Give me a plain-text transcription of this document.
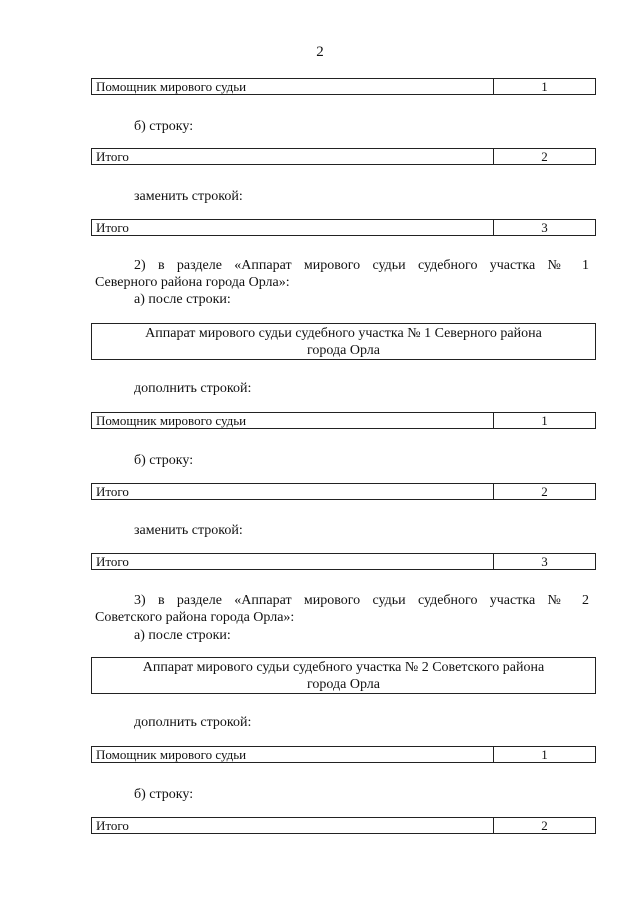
2
Помощник мирового судьи	1
б) строку:
Итого	2
заменить строкой:
Итого	3
2) в разделе «Аппарат мирового судьи судебного участка № 1
Северного района города Орла»:
а) после строки:
Аппарат мирового судьи судебного участка № 1 Северного района
города Орла
дополнить строкой:
Помощник мирового судьи	1
б) строку:
Итого	2
заменить строкой:
Итого	3
3) в разделе «Аппарат мирового судьи судебного участка № 2
Советского района города Орла»:
а) после строки:
Аппарат мирового судьи судебного участка № 2 Советского района
города Орла
дополнить строкой:
Помощник мирового судьи	1
б) строку:
Итого	2
